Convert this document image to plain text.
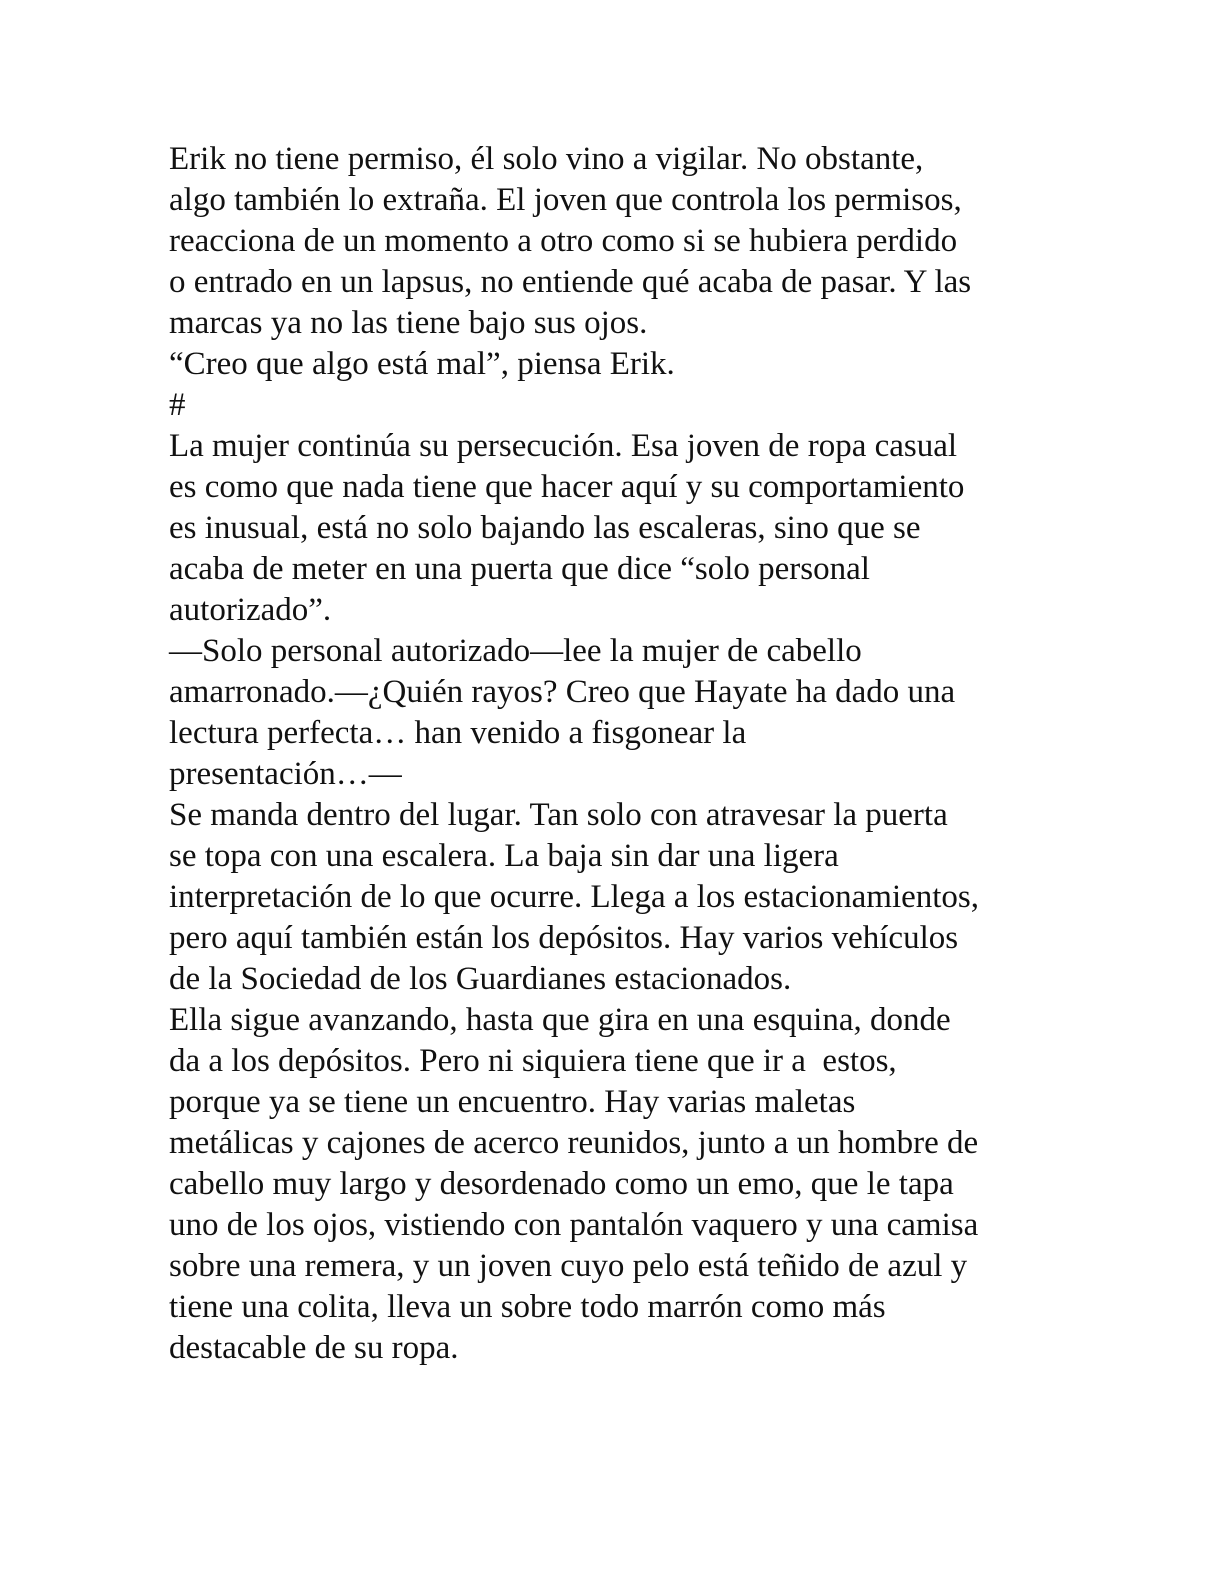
Erik no tiene permiso, él solo vino a vigilar. No obstante,
algo también lo extraña. El joven que controla los permisos,
reacciona de un momento a otro como si se hubiera perdido
o entrado en un lapsus, no entiende qué acaba de pasar. Y las
marcas ya no las tiene bajo sus ojos.
“Creo que algo está mal”, piensa Erik.
#
La mujer continúa su persecución. Esa joven de ropa casual
es como que nada tiene que hacer aquí y su comportamiento
es inusual, está no solo bajando las escaleras, sino que se
acaba de meter en una puerta que dice “solo personal
autorizado”.
—Solo personal autorizado—lee la mujer de cabello
amarronado.—¿Quién rayos? Creo que Hayate ha dado una
lectura perfecta… han venido a fisgonear la
presentación…—
Se manda dentro del lugar. Tan solo con atravesar la puerta
se topa con una escalera. La baja sin dar una ligera
interpretación de lo que ocurre. Llega a los estacionamientos,
pero aquí también están los depósitos. Hay varios vehículos
de la Sociedad de los Guardianes estacionados.
Ella sigue avanzando, hasta que gira en una esquina, donde
da a los depósitos. Pero ni siquiera tiene que ir a  estos,
porque ya se tiene un encuentro. Hay varias maletas
metálicas y cajones de acerco reunidos, junto a un hombre de
cabello muy largo y desordenado como un emo, que le tapa
uno de los ojos, vistiendo con pantalón vaquero y una camisa
sobre una remera, y un joven cuyo pelo está teñido de azul y
tiene una colita, lleva un sobre todo marrón como más
destacable de su ropa.
